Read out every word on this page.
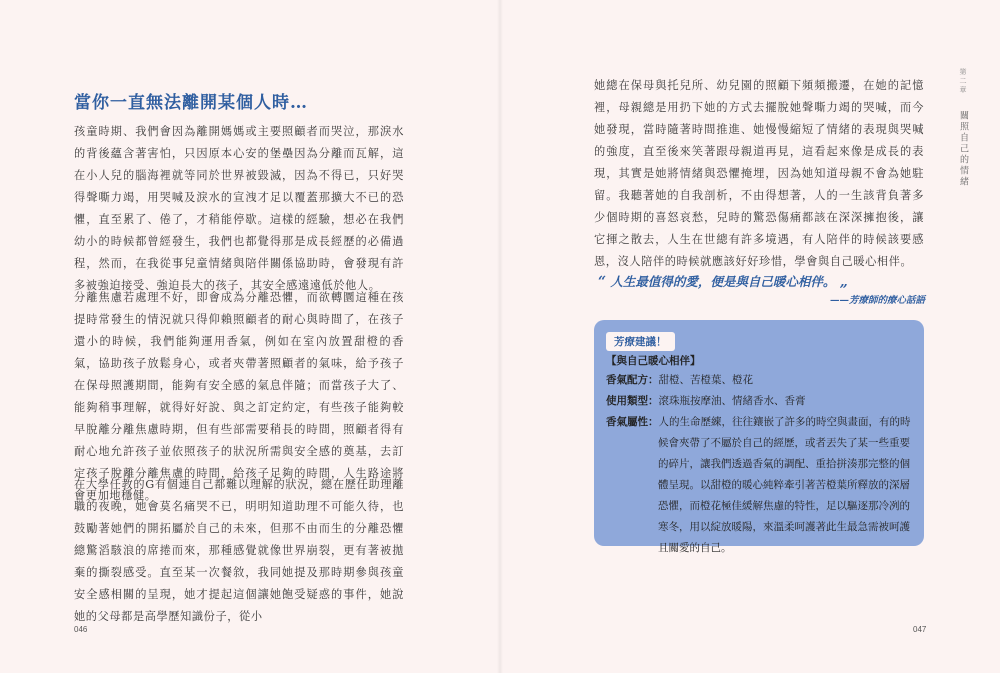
當你一直無法離開某個人時…

孩童時期、我們會因為離開媽媽或主要照顧者而哭泣，那淚水的背後蘊含著害怕，只因原本心安的堡壘因為分離而瓦解，這在小人兒的腦海裡就等同於世界被毀滅，因為不得已，只好哭得聲嘶力竭，用哭喊及淚水的宣洩才足以覆蓋那擴大不已的恐懼，直至累了、倦了，才稍能停歇。這樣的經驗，想必在我們幼小的時候都曾經發生，我們也都覺得那是成長經歷的必備過程，然而，在我從事兒童情緒與陪伴關係協助時，會發現有許多被強迫接受、強迫長大的孩子，其安全感遠遠低於他人。

分離焦慮若處理不好，即會成為分離恐懼，而欲轉圜這種在孩提時常發生的情況就只得仰賴照顧者的耐心與時間了，在孩子還小的時候，我們能夠運用香氣，例如在室內放置甜橙的香氣，協助孩子放鬆身心，或者夾帶著照顧者的氣味，給予孩子在保母照護期間，能夠有安全感的氣息伴隨；而當孩子大了、能夠稍事理解，就得好好說、與之訂定約定，有些孩子能夠較早脫離分離焦慮時期，但有些部需要稍長的時間，照顧者得有耐心地允許孩子並依照孩子的狀況所需與安全感的奠基，去訂定孩子脫離分離焦慮的時間，給孩子足夠的時間，人生路途將會更加地穩健。

在大學任教的G有個連自己都難以理解的狀況，總在歷任助理離職的夜晚，她會莫名痛哭不已，明明知道助理不可能久待，也鼓勵著她們的開拓屬於自己的未來，但那不由而生的分離恐懼總驚滔駭浪的席捲而來，那種感覺就像世界崩裂，更有著被拋棄的撕裂感受。直至某一次餐敘，我同她提及那時期參與孩童安全感相關的呈現，她才提起這個讓她飽受疑惑的事件，她說她的父母都是高學歷知識份子，從小

046

她總在保母與托兒所、幼兒園的照顧下頻頻搬遷，在她的記憶裡，母親總是用扔下她的方式去擺脫她聲嘶力竭的哭喊，而今她發現，當時隨著時間推進、她慢慢縮短了情緒的表現與哭喊的強度，直至後來笑著跟母親道再見，這看起來像是成長的表現，其實是她將情緒與恐懼掩埋，因為她知道母親不會為她駐留。我聽著她的自我剖析，不由得想著，人的一生該背負著多少個時期的喜怒哀愁，兒時的驚恐傷痛都該在深深擁抱後，讓它揮之散去，人生在世總有許多境遇，有人陪伴的時候該要感恩，沒人陪伴的時候就應該好好珍惜，學會與自己暖心相伴。

第二章  關照自己的情緒

“ 人生最值得的愛，便是與自己暖心相伴。 „

——芳療師的療心話語
芳療建議！
【與自己暖心相伴】
香氣配方：甜橙、苦橙葉、橙花
使用類型：滾珠瓶按摩油、情緒香水、香膏
香氣屬性： 人的生命歷練，往往鑲嵌了許多的時空與畫面，有的時候會夾帶了不屬於自己的經歷，或者丟失了某一些重要的碎片，讓我們透過香氣的調配、重拾拼湊那完整的個體呈現。以甜橙的暖心純粹牽引著苦橙葉所釋放的深層恐懼，而橙花極佳緩解焦慮的特性，足以驅逐那冷冽的寒冬，用以綻放暖陽，來溫柔呵護著此生最急需被呵護且關愛的自己。
047
